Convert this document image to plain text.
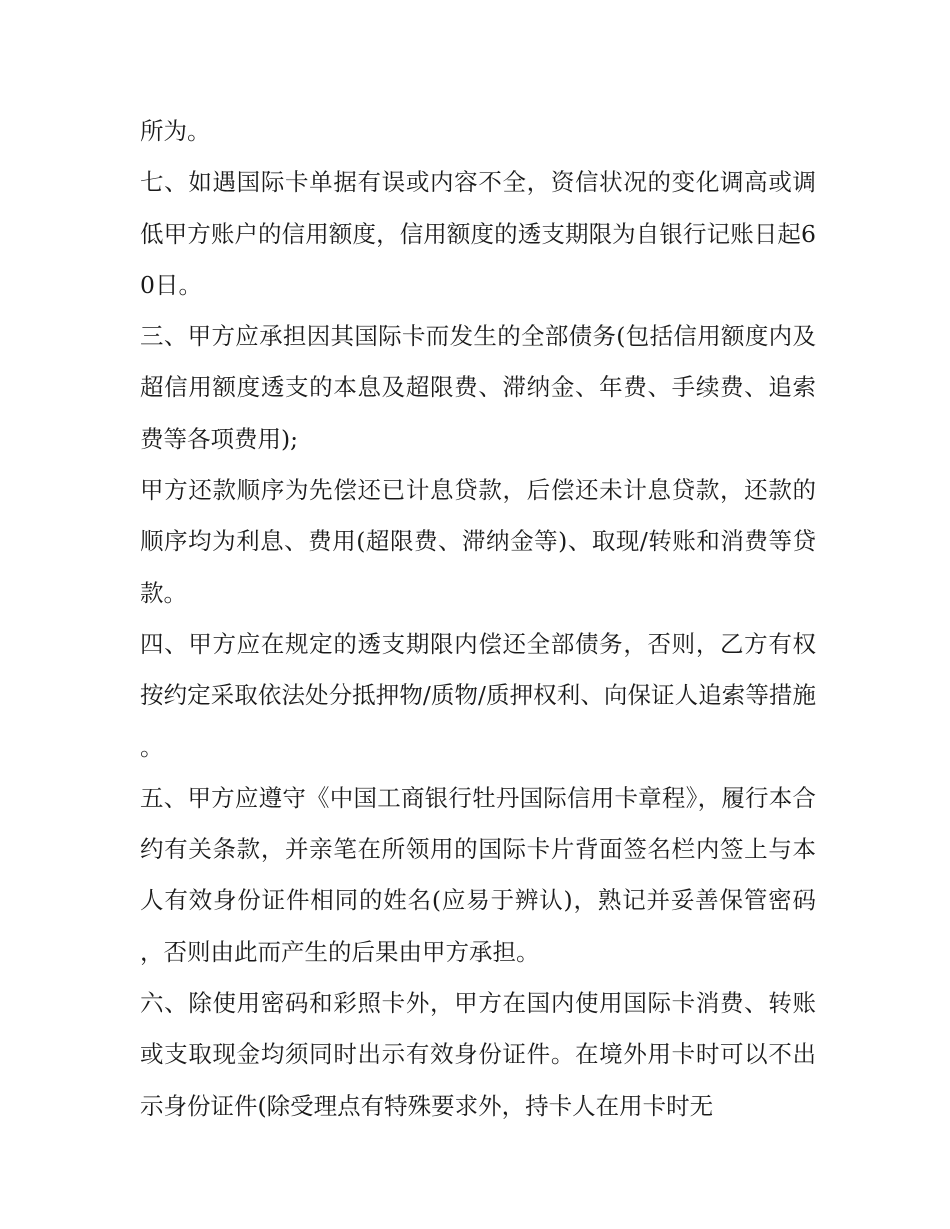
所为。

七、如遇国际卡单据有误或内容不全，资信状况的变化调高或调低甲方账户的信用额度，信用额度的透支期限为自银行记账日起60日。

三、甲方应承担因其国际卡而发生的全部债务(包括信用额度内及超信用额度透支的本息及超限费、滞纳金、年费、手续费、追索费等各项费用);

甲方还款顺序为先偿还已计息贷款，后偿还未计息贷款，还款的顺序均为利息、费用(超限费、滞纳金等)、取现/转账和消费等贷款。

四、甲方应在规定的透支期限内偿还全部债务，否则，乙方有权按约定采取依法处分抵押物/质物/质押权利、向保证人追索等措施。

五、甲方应遵守《中国工商银行牡丹国际信用卡章程》，履行本合约有关条款，并亲笔在所领用的国际卡片背面签名栏内签上与本人有效身份证件相同的姓名(应易于辨认)，熟记并妥善保管密码，否则由此而产生的后果由甲方承担。

六、除使用密码和彩照卡外，甲方在国内使用国际卡消费、转账或支取现金均须同时出示有效身份证件。在境外用卡时可以不出示身份证件(除受理点有特殊要求外，持卡人在用卡时无
